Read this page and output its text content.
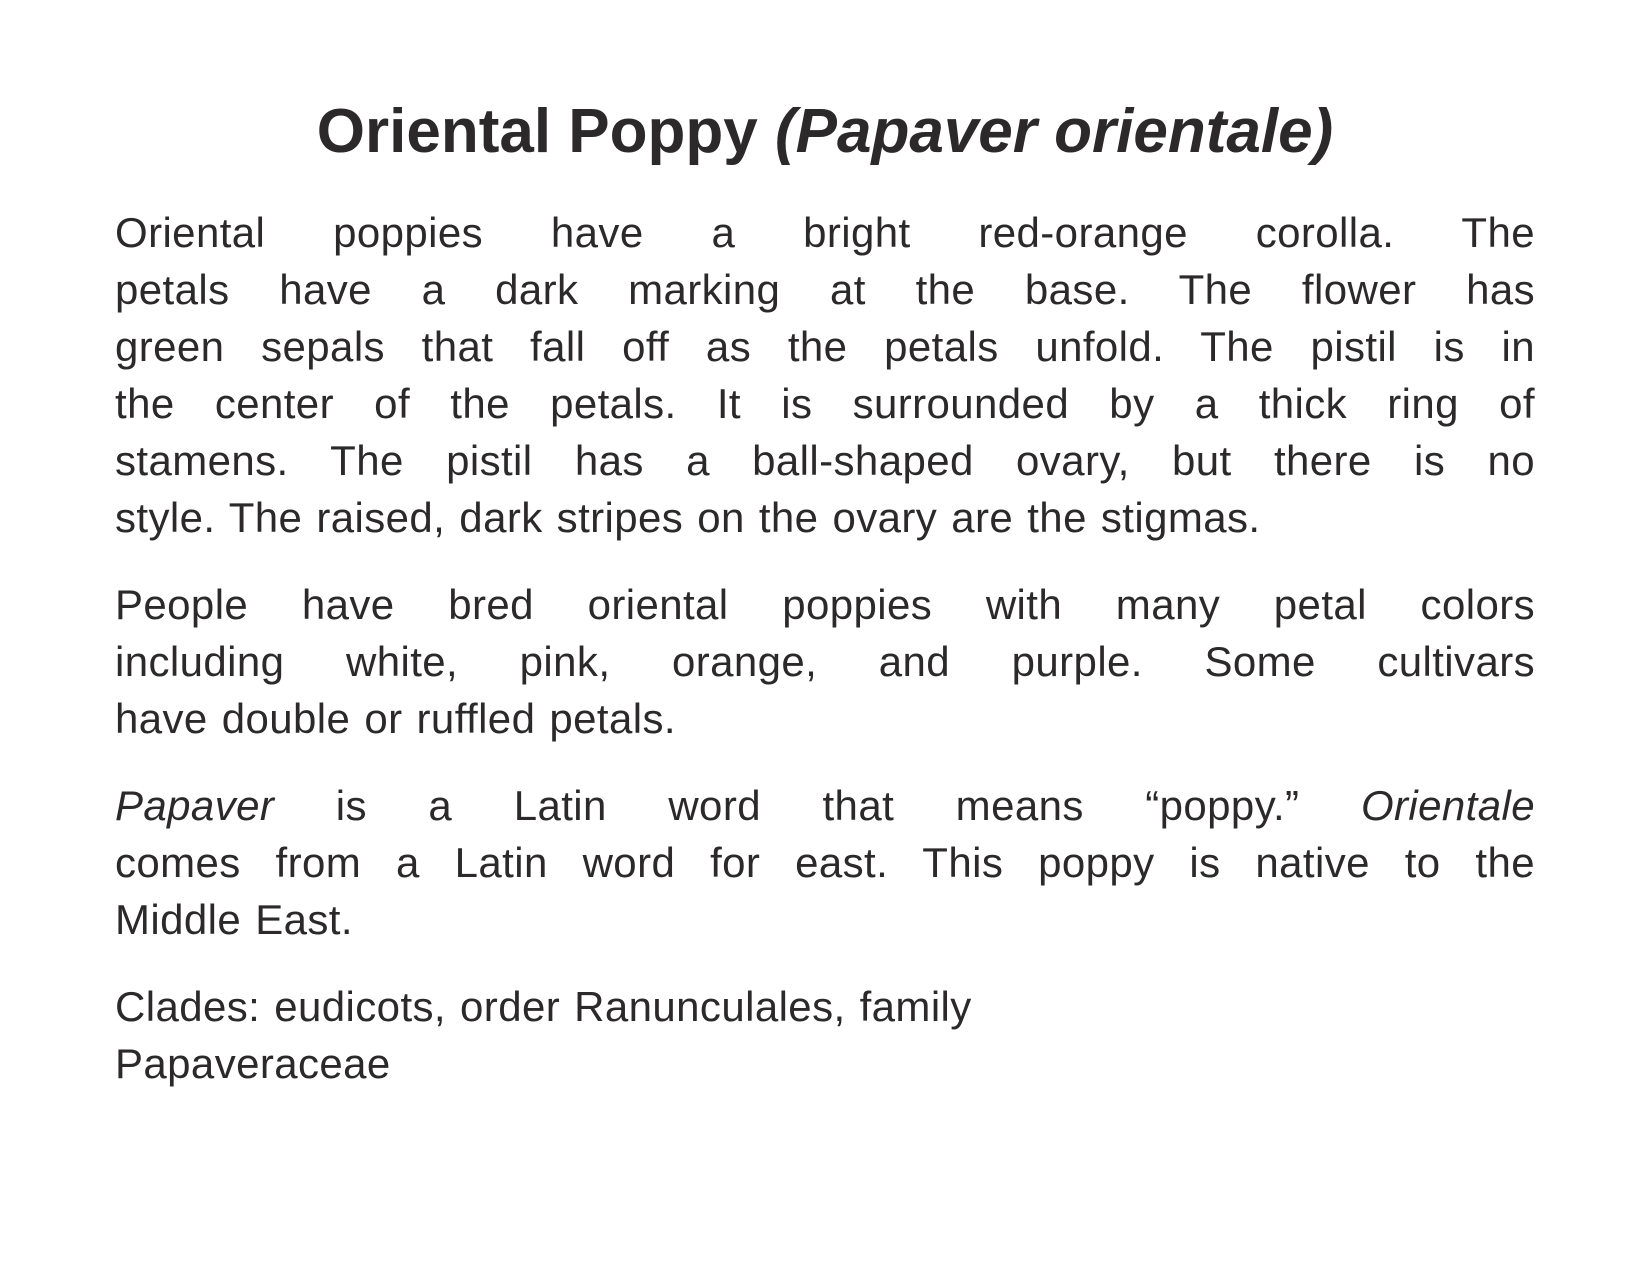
Oriental Poppy (Papaver orientale)
Oriental poppies have a bright red-orange corolla. The
petals have a dark marking at the base. The flower has
green sepals that fall off as the petals unfold. The pistil is in
the center of the petals. It is surrounded by a thick ring of
stamens. The pistil has a ball-shaped ovary, but there is no
style. The raised, dark stripes on the ovary are the stigmas.
People have bred oriental poppies with many petal colors
including white, pink, orange, and purple. Some cultivars
have double or ruffled petals.
Papaver is a Latin word that means “poppy.” Orientale
comes from a Latin word for east. This poppy is native to the
Middle East.
Clades: eudicots, order Ranunculales, family
Papaveraceae
